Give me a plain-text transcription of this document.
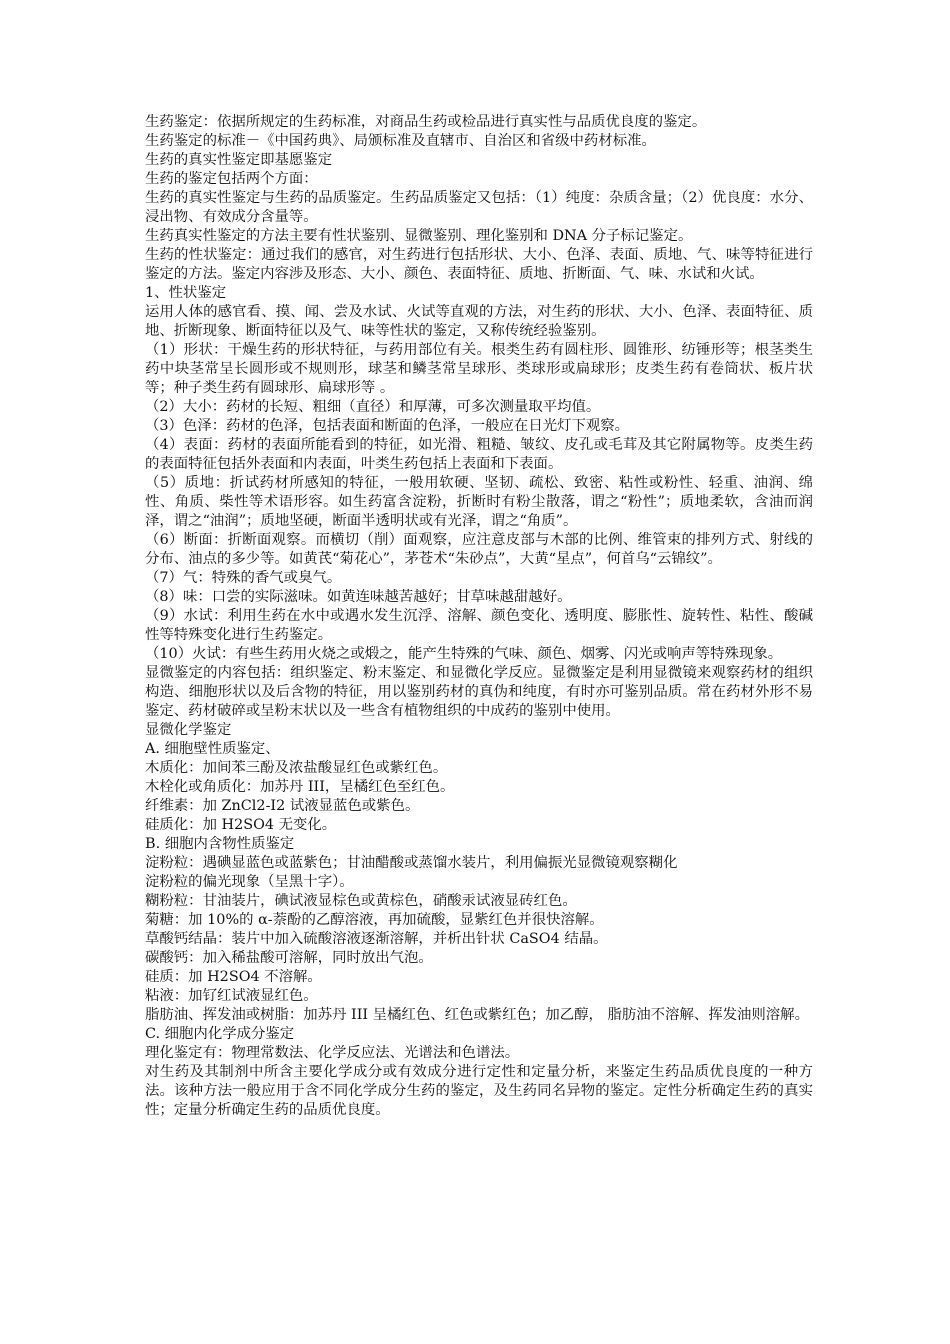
生药鉴定：依据所规定的生药标准，对商品生药或检品进行真实性与品质优良度的鉴定。

生药鉴定的标准－《中国药典》、局颁标准及直辖市、自治区和省级中药材标准。

生药的真实性鉴定即基愿鉴定

生药的鉴定包括两个方面：

生药的真实性鉴定与生药的品质鉴定。生药品质鉴定又包括：（1）纯度：杂质含量；（2）优良度：水分、浸出物、有效成分含量等。

生药真实性鉴定的方法主要有性状鉴别、显微鉴别、理化鉴别和 DNA 分子标记鉴定。

生药的性状鉴定：通过我们的感官，对生药进行包括形状、大小、色泽、表面、质地、气、味等特征进行鉴定的方法。鉴定内容涉及形态、大小、颜色、表面特征、质地、折断面、气、味、水试和火试。

1、性状鉴定

运用人体的感官看、摸、闻、尝及水试、火试等直观的方法，对生药的形状、大小、色泽、表面特征、质地、折断现象、断面特征以及气、味等性状的鉴定，又称传统经验鉴别。

（1）形状：干燥生药的形状特征，与药用部位有关。根类生药有圆柱形、圆锥形、纺锤形等；根茎类生药中块茎常呈长圆形或不规则形，球茎和鳞茎常呈球形、类球形或扁球形；皮类生药有卷筒状、板片状等；种子类生药有圆球形、扁球形等 。

（2）大小：药材的长短、粗细（直径）和厚薄，可多次测量取平均值。

（3）色泽：药材的色泽，包括表面和断面的色泽，一般应在日光灯下观察。

（4）表面：药材的表面所能看到的特征，如光滑、粗糙、皱纹、皮孔或毛茸及其它附属物等。皮类生药的表面特征包括外表面和内表面，叶类生药包括上表面和下表面。

（5）质地：折试药材所感知的特征，一般用软硬、坚韧、疏松、致密、粘性或粉性、轻重、油润、绵性、角质、柴性等术语形容。如生药富含淀粉，折断时有粉尘散落，谓之“粉性”；质地柔软，含油而润泽，谓之“油润”；质地坚硬，断面半透明状或有光泽，谓之“角质”。

（6）断面：折断面观察。而横切（削）面观察，应注意皮部与木部的比例、维管束的排列方式、射线的分布、油点的多少等。如黄芪“菊花心”，茅苍术“朱砂点”，大黄“星点”，何首乌“云锦纹”。

（7）气：特殊的香气或臭气。

（8）味：口尝的实际滋味。如黄连味越苦越好；甘草味越甜越好。

（9）水试：利用生药在水中或遇水发生沉浮、溶解、颜色变化、透明度、膨胀性、旋转性、粘性、酸碱性等特殊变化进行生药鉴定。

（10）火试：有些生药用火烧之或煅之，能产生特殊的气味、颜色、烟雾、闪光或响声等特殊现象。

显微鉴定的内容包括：组织鉴定、粉末鉴定、和显微化学反应。显微鉴定是利用显微镜来观察药材的组织构造、细胞形状以及后含物的特征，用以鉴别药材的真伪和纯度，有时亦可鉴别品质。常在药材外形不易鉴定、药材破碎或呈粉末状以及一些含有植物组织的中成药的鉴别中使用。

显微化学鉴定

A. 细胞壁性质鉴定、

木质化：加间苯三酚及浓盐酸显红色或紫红色。

木栓化或角质化：加苏丹 III，呈橘红色至红色。

纤维素：加 ZnCl2-I2 试液显蓝色或紫色。

硅质化：加 H2SO4 无变化。

B. 细胞内含物性质鉴定

淀粉粒：遇碘显蓝色或蓝紫色；甘油醋酸或蒸馏水装片，利用偏振光显微镜观察糊化

淀粉粒的偏光现象（呈黑十字）。

糊粉粒：甘油装片，碘试液显棕色或黄棕色，硝酸汞试液显砖红色。

菊糖：加 10%的 α-萘酚的乙醇溶液，再加硫酸，显紫红色并很快溶解。

草酸钙结晶：装片中加入硫酸溶液逐渐溶解，并析出针状 CaSO4 结晶。

碳酸钙：加入稀盐酸可溶解，同时放出气泡。

硅质：加 H2SO4 不溶解。

粘液：加钌红试液显红色。

脂肪油、挥发油或树脂：加苏丹 III 呈橘红色、红色或紫红色；加乙醇， 脂肪油不溶解、挥发油则溶解。

C. 细胞内化学成分鉴定

理化鉴定有：物理常数法、化学反应法、光谱法和色谱法。

对生药及其制剂中所含主要化学成分或有效成分进行定性和定量分析，来鉴定生药品质优良度的一种方法。该种方法一般应用于含不同化学成分生药的鉴定，及生药同名异物的鉴定。定性分析确定生药的真实性；定量分析确定生药的品质优良度。
